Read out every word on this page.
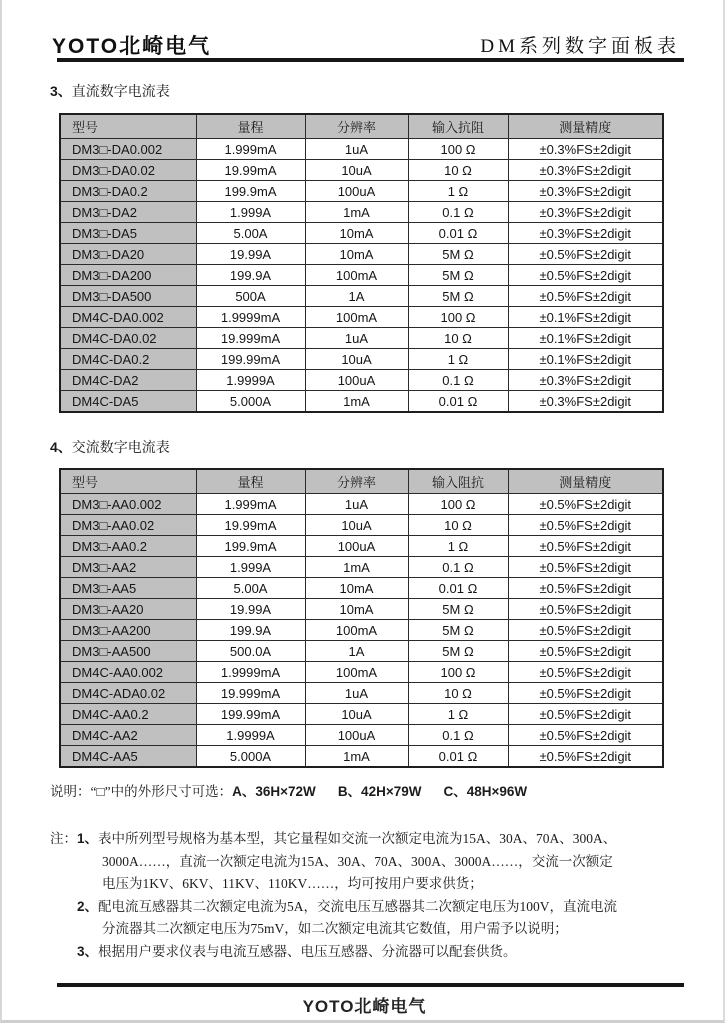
YOTO北崎电气	DM系列数字面板表
3、直流数字电流表
型号	量程	分辨率	输入抗阻	测量精度
DM3□-DA0.002	1.999mA	1uA	100 Ω	±0.3%FS±2digit
DM3□-DA0.02	19.99mA	10uA	10 Ω	±0.3%FS±2digit
DM3□-DA0.2	199.9mA	100uA	1 Ω	±0.3%FS±2digit
DM3□-DA2	1.999A	1mA	0.1 Ω	±0.3%FS±2digit
DM3□-DA5	5.00A	10mA	0.01 Ω	±0.3%FS±2digit
DM3□-DA20	19.99A	10mA	5M Ω	±0.5%FS±2digit
DM3□-DA200	199.9A	100mA	5M Ω	±0.5%FS±2digit
DM3□-DA500	500A	1A	5M Ω	±0.5%FS±2digit
DM4C-DA0.002	1.9999mA	100mA	100 Ω	±0.1%FS±2digit
DM4C-DA0.02	19.999mA	1uA	10 Ω	±0.1%FS±2digit
DM4C-DA0.2	199.99mA	10uA	1 Ω	±0.1%FS±2digit
DM4C-DA2	1.9999A	100uA	0.1 Ω	±0.3%FS±2digit
DM4C-DA5	5.000A	1mA	0.01 Ω	±0.3%FS±2digit
4、交流数字电流表
型号	量程	分辨率	输入阻抗	测量精度
DM3□-AA0.002	1.999mA	1uA	100 Ω	±0.5%FS±2digit
DM3□-AA0.02	19.99mA	10uA	10 Ω	±0.5%FS±2digit
DM3□-AA0.2	199.9mA	100uA	1 Ω	±0.5%FS±2digit
DM3□-AA2	1.999A	1mA	0.1 Ω	±0.5%FS±2digit
DM3□-AA5	5.00A	10mA	0.01 Ω	±0.5%FS±2digit
DM3□-AA20	19.99A	10mA	5M Ω	±0.5%FS±2digit
DM3□-AA200	199.9A	100mA	5M Ω	±0.5%FS±2digit
DM3□-AA500	500.0A	1A	5M Ω	±0.5%FS±2digit
DM4C-AA0.002	1.9999mA	100mA	100 Ω	±0.5%FS±2digit
DM4C-ADA0.02	19.999mA	1uA	10 Ω	±0.5%FS±2digit
DM4C-AA0.2	199.99mA	10uA	1 Ω	±0.5%FS±2digit
DM4C-AA2	1.9999A	100uA	0.1 Ω	±0.5%FS±2digit
DM4C-AA5	5.000A	1mA	0.01 Ω	±0.5%FS±2digit
说明：“□”中的外形尺寸可选：A、36H×72W B、42H×79W C、48H×96W
注：1、表中所列型号规格为基本型，其它量程如交流一次额定电流为15A、30A、70A、300A、
3000A……，直流一次额定电流为15A、30A、70A、300A、3000A……，交流一次额定
电压为1KV、6KV、11KV、110KV……，均可按用户要求供货；
2、配电流互感器其二次额定电流为5A，交流电压互感器其二次额定电压为100V，直流电流
分流器其二次额定电压为75mV，如二次额定电流其它数值，用户需予以说明；
3、根据用户要求仪表与电流互感器、电压互感器、分流器可以配套供货。
YOTO北崎电气
